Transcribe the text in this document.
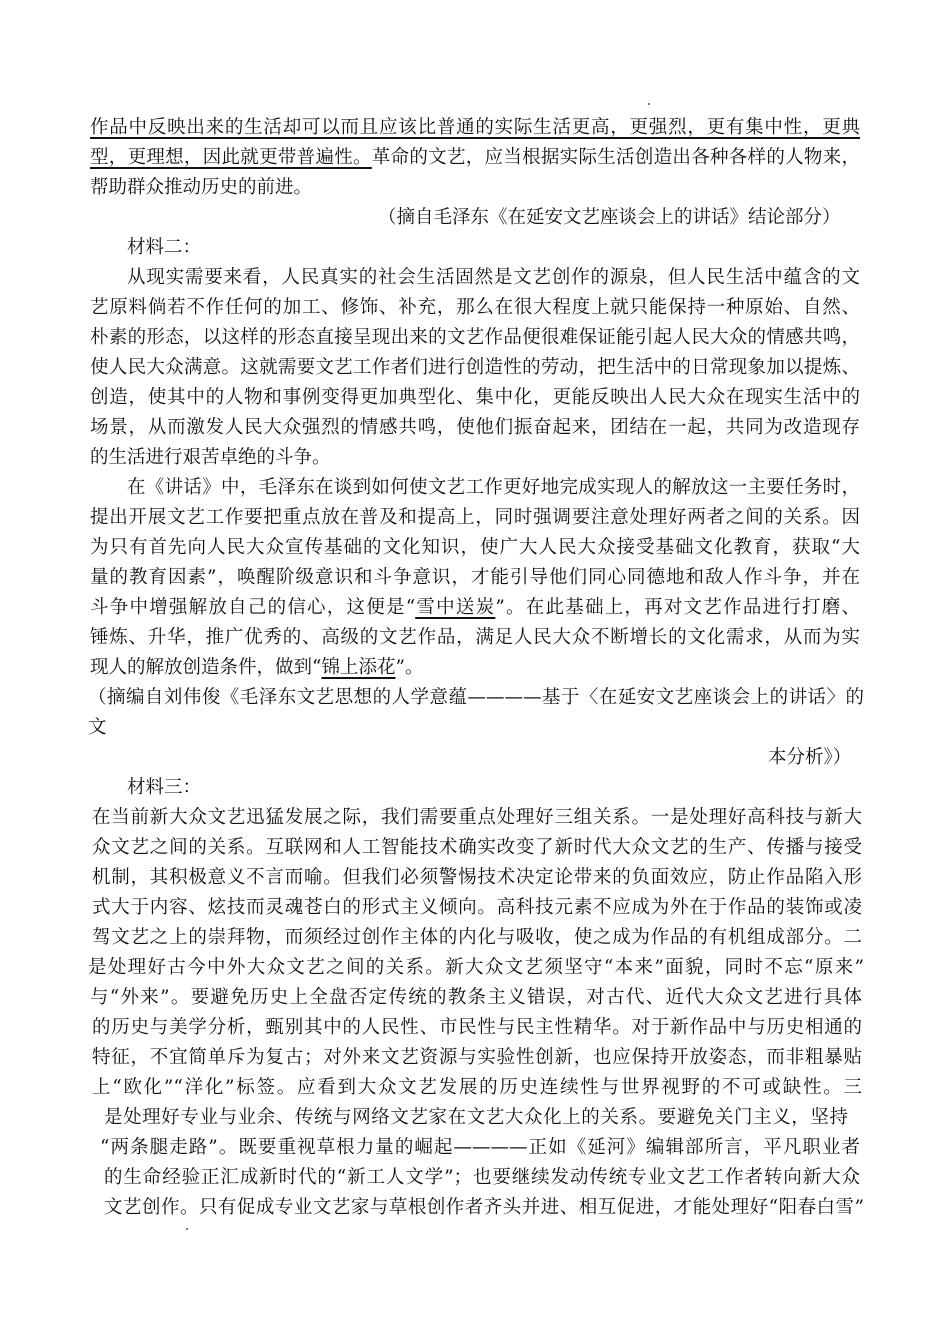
作品中反映出来的生活却可以而且应该比普通的实际生活更高，更强烈，更有集中性，更典
型，更理想，因此就更带普遍性。革命的文艺，应当根据实际生活创造出各种各样的人物来，
帮助群众推动历史的前进。
（摘自毛泽东《在延安文艺座谈会上的讲话》结论部分）
材料二：
从现实需要来看，人民真实的社会生活固然是文艺创作的源泉，但人民生活中蕴含的文
艺原料倘若不作任何的加工、修饰、补充，那么在很大程度上就只能保持一种原始、自然、
朴素的形态，以这样的形态直接呈现出来的文艺作品便很难保证能引起人民大众的情感共鸣，
使人民大众满意。这就需要文艺工作者们进行创造性的劳动，把生活中的日常现象加以提炼、
创造，使其中的人物和事例变得更加典型化、集中化，更能反映出人民大众在现实生活中的
场景，从而激发人民大众强烈的情感共鸣，使他们振奋起来，团结在一起，共同为改造现存
的生活进行艰苦卓绝的斗争。
在《讲话》中，毛泽东在谈到如何使文艺工作更好地完成实现人的解放这一主要任务时，
提出开展文艺工作要把重点放在普及和提高上，同时强调要注意处理好两者之间的关系。因
为只有首先向人民大众宣传基础的文化知识，使广大人民大众接受基础文化教育，获取“大
量的教育因素”，唤醒阶级意识和斗争意识，才能引导他们同心同德地和敌人作斗争，并在
斗争中增强解放自己的信心，这便是“雪中送炭”。在此基础上，再对文艺作品进行打磨、
锤炼、升华，推广优秀的、高级的文艺作品，满足人民大众不断增长的文化需求，从而为实
现人的解放创造条件，做到“锦上添花”。
（摘编自刘伟俊《毛泽东文艺思想的人学意蕴————基于〈在延安文艺座谈会上的讲话〉的
文
本分析》）
材料三：
在当前新大众文艺迅猛发展之际，我们需要重点处理好三组关系。一是处理好高科技与新大
众文艺之间的关系。互联网和人工智能技术确实改变了新时代大众文艺的生产、传播与接受
机制，其积极意义不言而喻。但我们必须警惕技术决定论带来的负面效应，防止作品陷入形
式大于内容、炫技而灵魂苍白的形式主义倾向。高科技元素不应成为外在于作品的装饰或凌
驾文艺之上的崇拜物，而须经过创作主体的内化与吸收，使之成为作品的有机组成部分。二
是处理好古今中外大众文艺之间的关系。新大众文艺须坚守“本来”面貌，同时不忘“原来”
与“外来”。要避免历史上全盘否定传统的教条主义错误，对古代、近代大众文艺进行具体
的历史与美学分析，甄别其中的人民性、市民性与民主性精华。对于新作品中与历史相通的
特征，不宜简单斥为复古；对外来文艺资源与实验性创新，也应保持开放姿态，而非粗暴贴
上“欧化”“洋化”标签。应看到大众文艺发展的历史连续性与世界视野的不可或缺性。三
是处理好专业与业余、传统与网络文艺家在文艺大众化上的关系。要避免关门主义，坚持
“两条腿走路”。既要重视草根力量的崛起————正如《延河》编辑部所言，平凡职业者
的生命经验正汇成新时代的“新工人文学”；也要继续发动传统专业文艺工作者转向新大众
文艺创作。只有促成专业文艺家与草根创作者齐头并进、相互促进，才能处理好“阳春白雪”
